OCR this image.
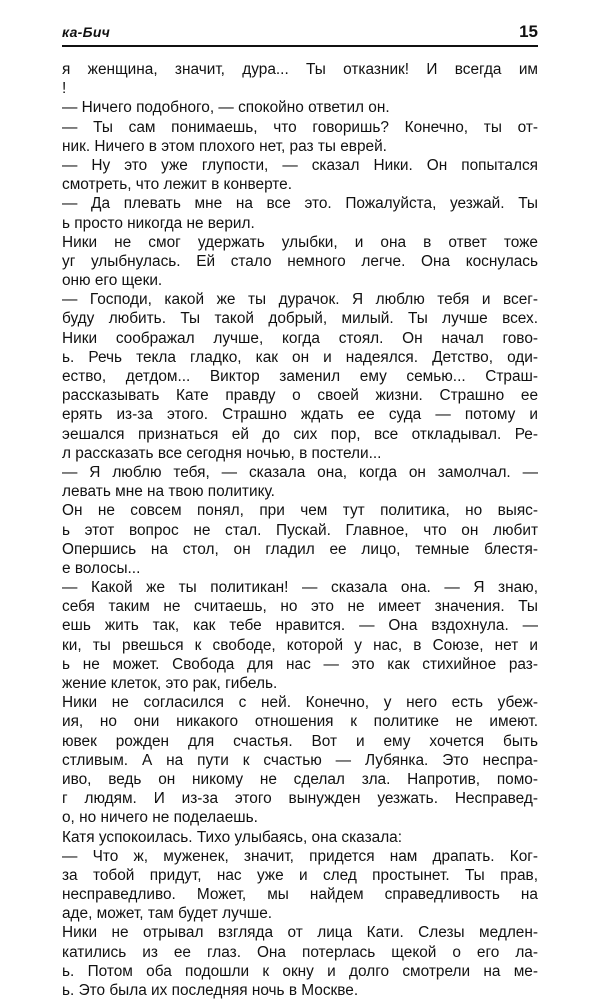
ка-Бич	15
я женщина, значит, дура... Ты отказник! И всегда им
!
— Ничего подобного, — спокойно ответил он.
— Ты сам понимаешь, что говоришь? Конечно, ты от-
ник. Ничего в этом плохого нет, раз ты еврей.
— Ну это уже глупости, — сказал Ники. Он попытался
смотреть, что лежит в конверте.
— Да плевать мне на все это. Пожалуйста, уезжай. Ты
ь просто никогда не верил.
Ники не смог удержать улыбки, и она в ответ тоже
уг улыбнулась. Ей стало немного легче. Она коснулась
оню его щеки.
— Господи, какой же ты дурачок. Я люблю тебя и всег-
буду любить. Ты такой добрый, милый. Ты лучше всех.
Ники соображал лучше, когда стоял. Он начал гово-
ь. Речь текла гладко, как он и надеялся. Детство, оди-
ество, детдом... Виктор заменил ему семью... Страш-
рассказывать Кате правду о своей жизни. Страшно ее
ерять из-за этого. Страшно ждать ее суда — потому и
эешался признаться ей до сих пор, все откладывал. Ре-
л рассказать все сегодня ночью, в постели...
— Я люблю тебя, — сказала она, когда он замолчал. —
левать мне на твою политику.
Он не совсем понял, при чем тут политика, но выяс-
ь этот вопрос не стал. Пускай. Главное, что он любит
Опершись на стол, он гладил ее лицо, темные блестя-
е волосы...
— Какой же ты политикан! — сказала она. — Я знаю,
себя таким не считаешь, но это не имеет значения. Ты
ешь жить так, как тебе нравится. — Она вздохнула. —
ки, ты рвешься к свободе, которой у нас, в Союзе, нет и
ь не может. Свобода для нас — это как стихийное раз-
жение клеток, это рак, гибель.
Ники не согласился с ней. Конечно, у него есть убеж-
ия, но они никакого отношения к политике не имеют.
ювек рожден для счастья. Вот и ему хочется быть
стливым. А на пути к счастью — Лубянка. Это неспра-
иво, ведь он никому не сделал зла. Напротив, помо-
г людям. И из-за этого вынужден уезжать. Несправед-
о, но ничего не поделаешь.
Катя успокоилась. Тихо улыбаясь, она сказала:
— Что ж, муженек, значит, придется нам драпать. Ког-
за тобой придут, нас уже и след простынет. Ты прав,
несправедливо. Может, мы найдем справедливость на
аде, может, там будет лучше.
Ники не отрывал взгляда от лица Кати. Слезы медлен-
катились из ее глаз. Она потерлась щекой о его ла-
ь. Потом оба подошли к окну и долго смотрели на ме-
ь. Это была их последняя ночь в Москве.
